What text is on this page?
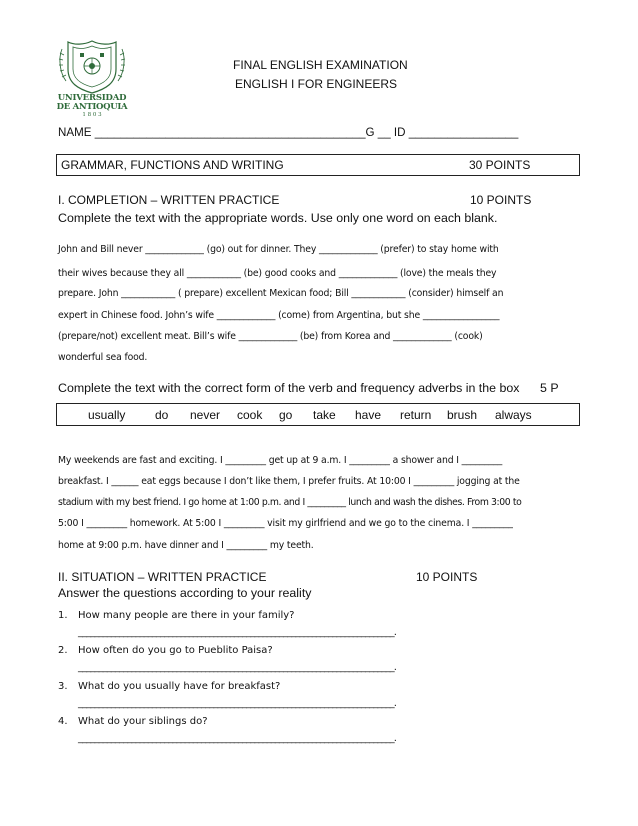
UNIVERSIDAD
DE ANTIOQUIA
1 8 0 3
FINAL ENGLISH EXAMINATION
ENGLISH I FOR ENGINEERS
NAME __________________________________________G __ ID _________________
GRAMMAR, FUNCTIONS AND WRITING	30 POINTS
I. COMPLETION – WRITTEN PRACTICE	10 POINTS
Complete the text with the appropriate words. Use only one word on each blank.
John and Bill never _____________ (go) out for dinner. They _____________ (prefer) to stay home with
their wives because they all ____________ (be) good cooks and _____________ (love) the meals they
prepare. John ____________ ( prepare) excellent Mexican food; Bill ____________ (consider) himself an
expert in Chinese food. John’s wife _____________ (come) from Argentina, but she _________________
(prepare/not) excellent meat. Bill’s wife _____________ (be) from Korea and _____________ (cook)
wonderful sea food.
Complete the text with the correct form of the verb and frequency adverbs in the box 5 P
usually do never cook go take have return brush always
My weekends are fast and exciting. I _________ get up at 9 a.m. I _________ a shower and I _________
breakfast. I ______ eat eggs because I don’t like them, I prefer fruits. At 10:00 I _________ jogging at the
stadium with my best friend. I go home at 1:00 p.m. and I _________ lunch and wash the dishes. From 3:00 to
5:00 I _________ homework. At 5:00 I _________ visit my girlfriend and we go to the cinema. I _________
home at 9:00 p.m. have dinner and I _________ my teeth.
II. SITUATION – WRITTEN PRACTICE	10 POINTS
Answer the questions according to your reality
1. How many people are there in your family?
_____________________________________________________________________________.
2. How often do you go to Pueblito Paisa?
_____________________________________________________________________________.
3. What do you usually have for breakfast?
_____________________________________________________________________________.
4. What do your siblings do?
_____________________________________________________________________________.
